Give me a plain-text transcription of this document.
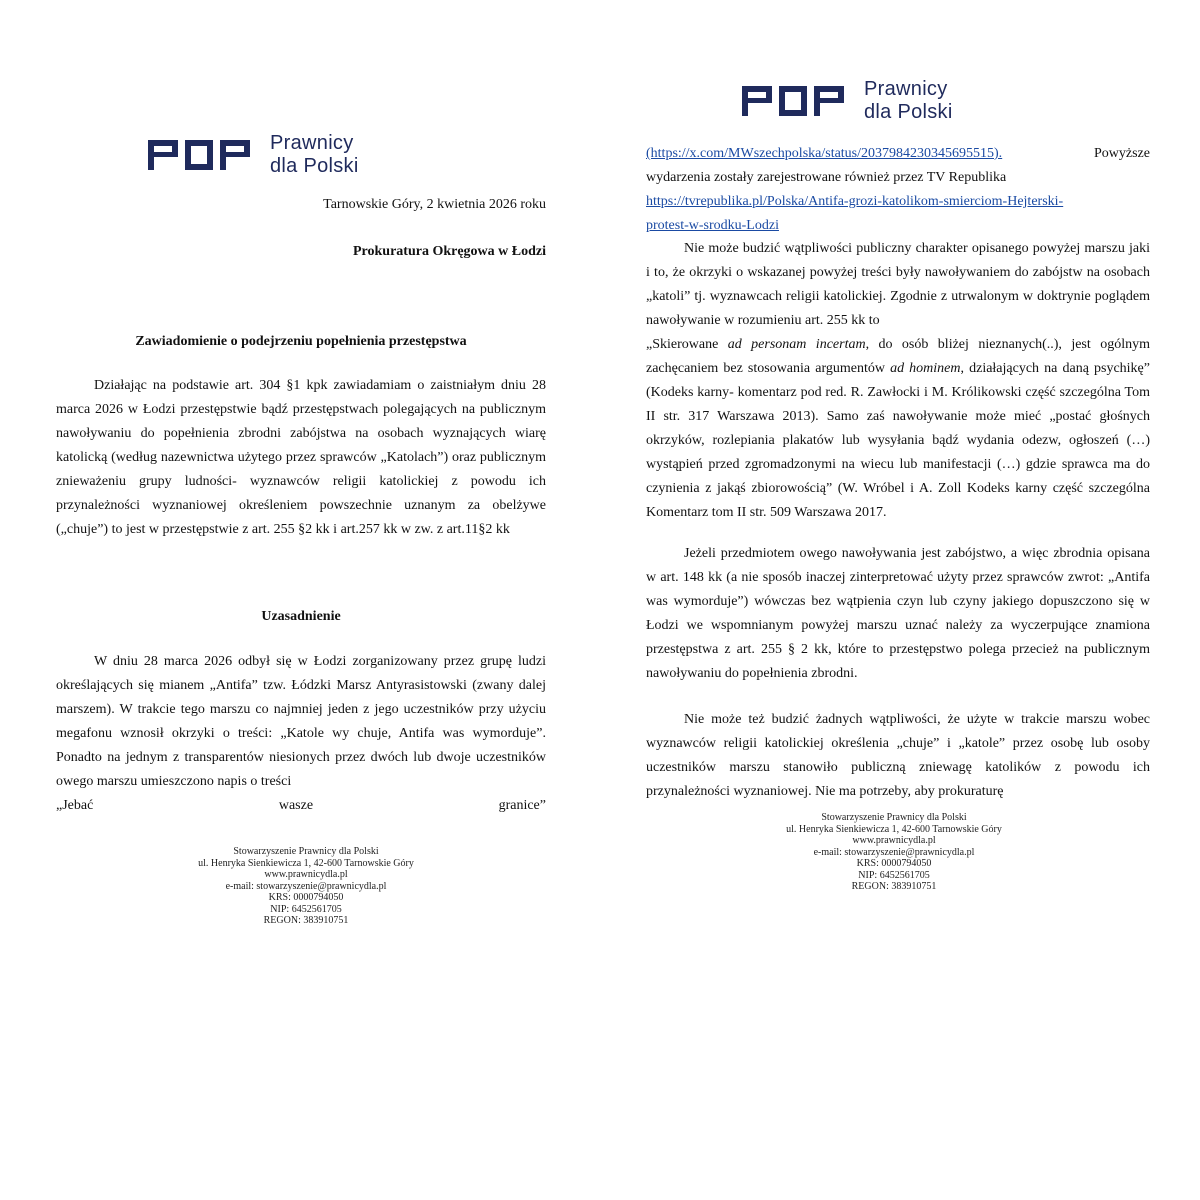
Prawnicy
dla Polski
Tarnowskie Góry, 2 kwietnia 2026 roku
Prokuratura Okręgowa w Łodzi
Zawiadomienie o podejrzeniu popełnienia przestępstwa
Działając na podstawie art. 304 §1 kpk zawiadamiam o zaistniałym dniu 28 marca 2026 w Łodzi przestępstwie bądź przestępstwach polegających na publicznym nawoływaniu do popełnienia zbrodni zabójstwa na osobach wyznających wiarę katolicką (według nazewnictwa użytego przez sprawców „Katolach”) oraz publicznym znieważeniu grupy ludności- wyznawców religii katolickiej z powodu ich przynależności wyznaniowej określeniem powszechnie uznanym za obelżywe („chuje”) to jest w przestępstwie z art. 255 §2 kk i art.257 kk w zw. z art.11§2 kk
Uzasadnienie
W dniu 28 marca 2026 odbył się w Łodzi zorganizowany przez grupę ludzi określających się mianem „Antifa” tzw. Łódzki Marsz Antyrasistowski (zwany dalej marszem). W trakcie tego marszu co najmniej jeden z jego uczestników przy użyciu megafonu wznosił okrzyki o treści: „Katole wy chuje, Antifa was wymorduje”. Ponadto na jednym z transparentów niesionych przez dwóch lub dwoje uczestników owego marszu umieszczono napis o treści
„Jebać wasze granice”
Stowarzyszenie Prawnicy dla Polski
ul. Henryka Sienkiewicza 1, 42-600 Tarnowskie Góry
www.prawnicydla.pl
e-mail: stowarzyszenie@prawnicydla.pl
KRS: 0000794050
NIP: 6452561705
REGON: 383910751
Prawnicy
dla Polski
(https://x.com/MWszechpolska/status/2037984230345695515).	Powyższe
wydarzenia zostały zarejestrowane również przez TV Republika
https://tvrepublika.pl/Polska/Antifa-grozi-katolikom-smierciom-Hejterski-
protest-w-srodku-Lodzi
Nie może budzić wątpliwości publiczny charakter opisanego powyżej marszu jaki i to, że okrzyki o wskazanej powyżej treści były nawoływaniem do zabójstw na osobach „katoli” tj. wyznawcach religii katolickiej. Zgodnie z utrwalonym w doktrynie poglądem nawoływanie w rozumieniu art. 255 kk to
„Skierowane ad personam incertam, do osób bliżej nieznanych(..), jest ogólnym zachęcaniem bez stosowania argumentów ad hominem, działających na daną psychikę” (Kodeks karny- komentarz pod red. R. Zawłocki i M. Królikowski część szczególna Tom II str. 317 Warszawa 2013). Samo zaś nawoływanie może mieć „postać głośnych okrzyków, rozlepiania plakatów lub wysyłania bądź wydania odezw, ogłoszeń (…) wystąpień przed zgromadzonymi na wiecu lub manifestacji (…) gdzie sprawca ma do czynienia z jakąś zbiorowością” (W. Wróbel i A. Zoll Kodeks karny część szczególna Komentarz tom II str. 509 Warszawa 2017.
Jeżeli przedmiotem owego nawoływania jest zabójstwo, a więc zbrodnia opisana w art. 148 kk (a nie sposób inaczej zinterpretować użyty przez sprawców zwrot: „Antifa was wymorduje”) wówczas bez wątpienia czyn lub czyny jakiego dopuszczono się w Łodzi we wspomnianym powyżej marszu uznać należy za wyczerpujące znamiona przestępstwa z art. 255 § 2 kk, które to przestępstwo polega przecież na publicznym nawoływaniu do popełnienia zbrodni.
Nie może też budzić żadnych wątpliwości, że użyte w trakcie marszu wobec wyznawców religii katolickiej określenia „chuje” i „katole” przez osobę lub osoby uczestników marszu stanowiło publiczną zniewagę katolików z powodu ich przynależności wyznaniowej. Nie ma potrzeby, aby prokuraturę
Stowarzyszenie Prawnicy dla Polski
ul. Henryka Sienkiewicza 1, 42-600 Tarnowskie Góry
www.prawnicydla.pl
e-mail: stowarzyszenie@prawnicydla.pl
KRS: 0000794050
NIP: 6452561705
REGON: 383910751
